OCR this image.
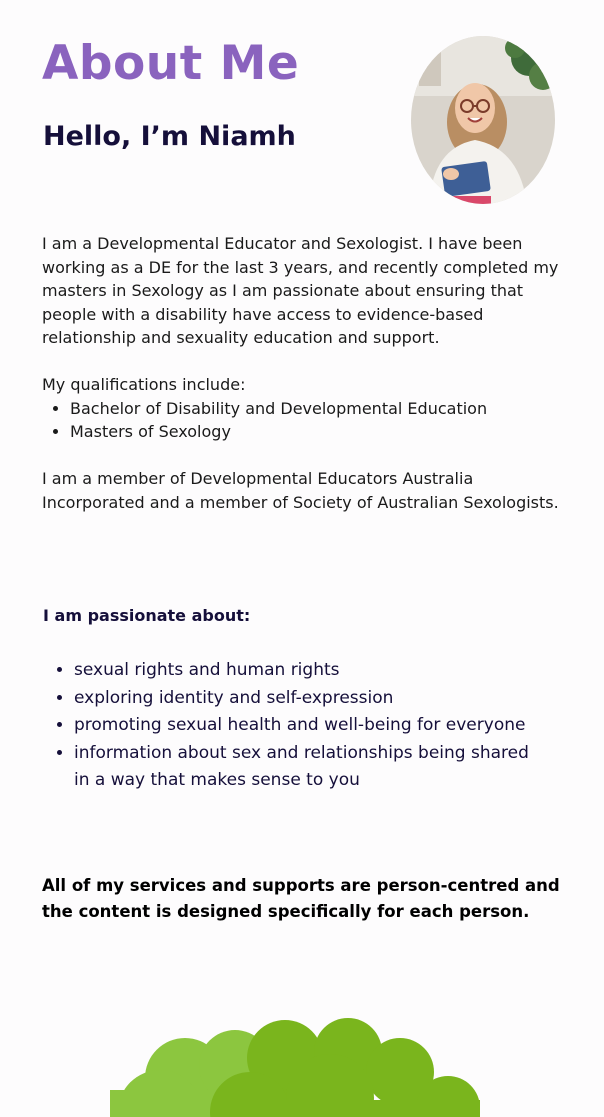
About Me
Hello, I’m Niamh

I am a Developmental Educator and Sexologist. I have been working as a DE for the last 3 years, and recently completed my masters in Sexology as I am passionate about ensuring that people with a disability have access to evidence-based relationship and sexuality education and support.

My qualifications include:

• Bachelor of Disability and Developmental Education
• Masters of Sexology

I am a member of Developmental Educators Australia Incorporated and a member of Society of Australian Sexologists.

I am passionate about:
• sexual rights and human rights
• exploring identity and self-expression
• promoting sexual health and well-being for everyone
• information about sex and relationships being shared in a way that makes sense to you

All of my services and supports are person-centred and the content is designed specifically for each person.
